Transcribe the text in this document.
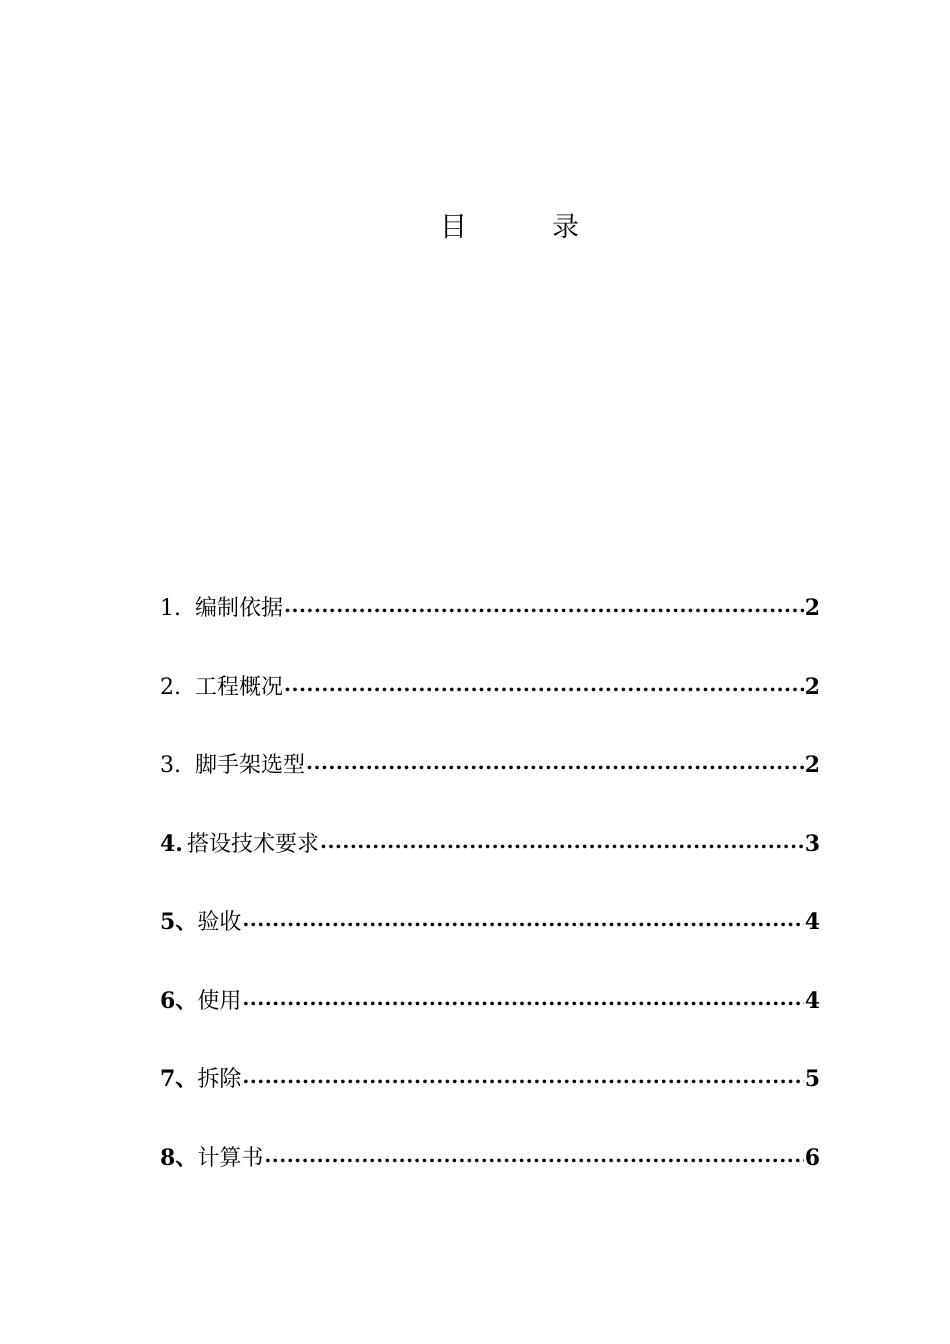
目	录
1. 编制依据 .....	2
2. 工程概况 .....	2
3. 脚手架选型 .....	2
4. 搭设技术要求 .....	3
5、 验收 .....	4
6、 使用 .....	4
7、 拆除 .....	5
8、 计算书 .....	6
